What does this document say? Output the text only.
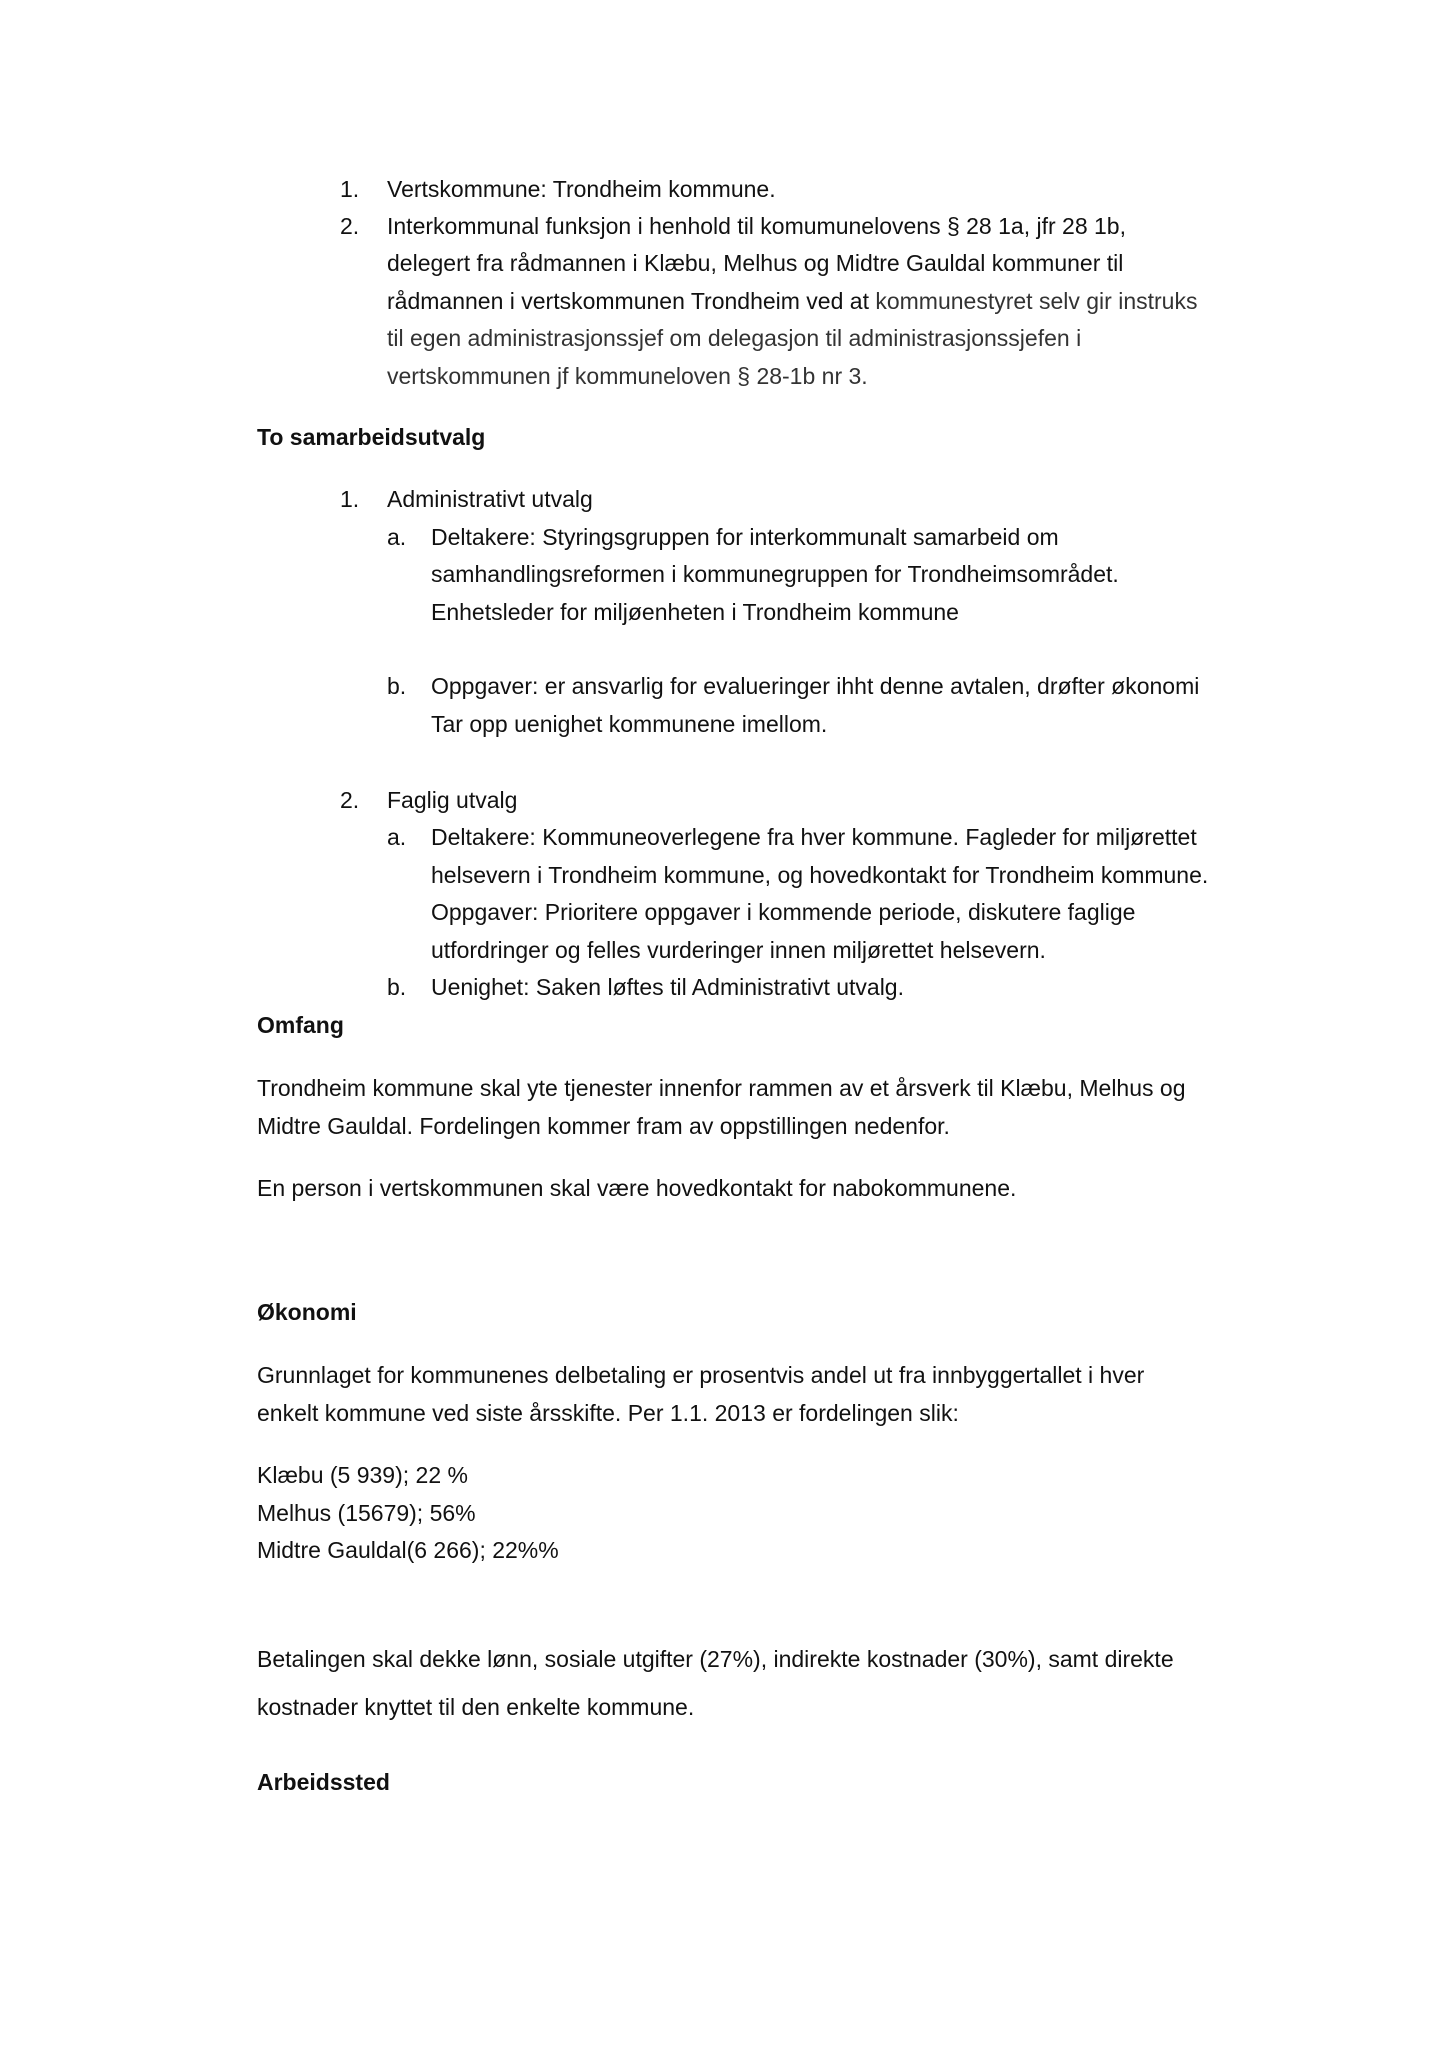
1. Vertskommune: Trondheim kommune.
2. Interkommunal funksjon i henhold til komumunelovens § 28 1a, jfr 28 1b,
delegert fra rådmannen i Klæbu, Melhus og Midtre Gauldal kommuner til
rådmannen i vertskommunen Trondheim ved at kommunestyret selv gir instruks
til egen administrasjonssjef om delegasjon til administrasjonssjefen i
vertskommunen jf kommuneloven § 28-1b nr 3.
To samarbeidsutvalg
1. Administrativt utvalg
a. Deltakere: Styringsgruppen for interkommunalt samarbeid om
samhandlingsreformen i kommunegruppen for Trondheimsområdet.
Enhetsleder for miljøenheten i Trondheim kommune
b. Oppgaver: er ansvarlig for evalueringer ihht denne avtalen, drøfter økonomi
Tar opp uenighet kommunene imellom.
2. Faglig utvalg
a. Deltakere: Kommuneoverlegene fra hver kommune. Fagleder for miljørettet
helsevern i Trondheim kommune, og hovedkontakt for Trondheim kommune.
Oppgaver: Prioritere oppgaver i kommende periode, diskutere faglige
utfordringer og felles vurderinger innen miljørettet helsevern.
b. Uenighet: Saken løftes til Administrativt utvalg.
Omfang
Trondheim kommune skal yte tjenester innenfor rammen av et årsverk til Klæbu, Melhus og
Midtre Gauldal. Fordelingen kommer fram av oppstillingen nedenfor.
En person i vertskommunen skal være hovedkontakt for nabokommunene.
Økonomi
Grunnlaget for kommunenes delbetaling er prosentvis andel ut fra innbyggertallet i hver
enkelt kommune ved siste årsskifte. Per 1.1. 2013 er fordelingen slik:
Klæbu (5 939); 22 %
Melhus (15679); 56%
Midtre Gauldal(6 266); 22%%
Betalingen skal dekke lønn, sosiale utgifter (27%), indirekte kostnader (30%), samt direkte
kostnader knyttet til den enkelte kommune.
Arbeidssted
